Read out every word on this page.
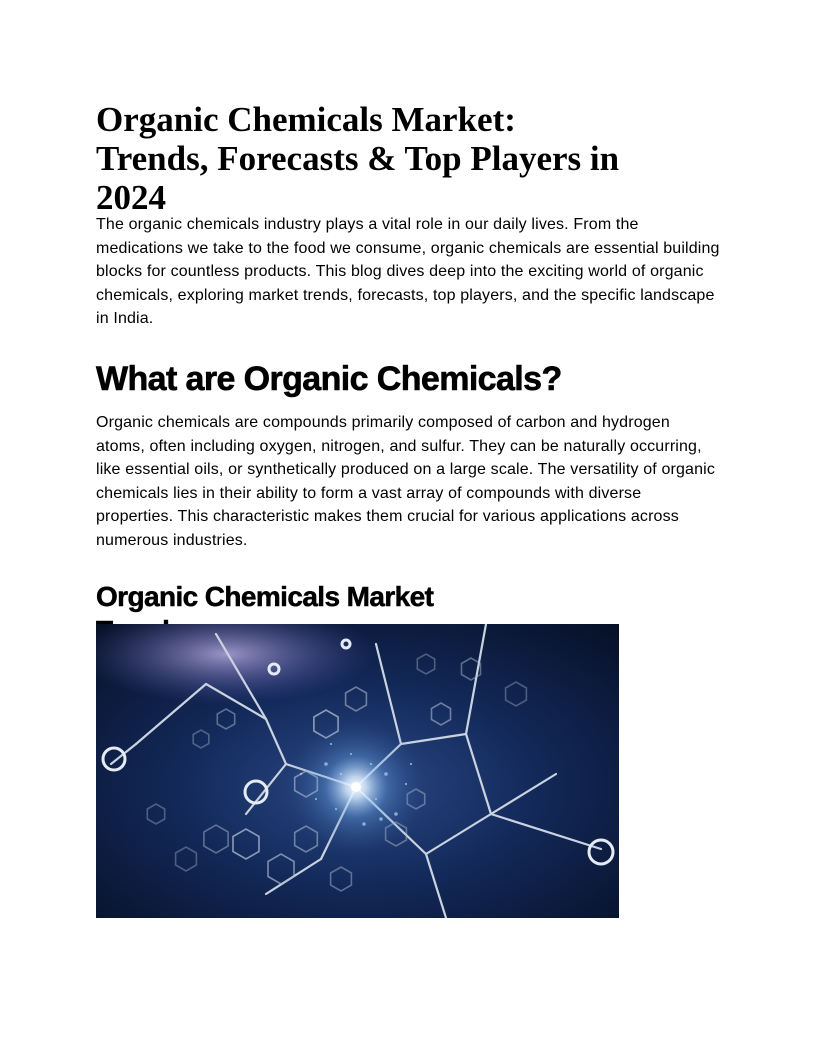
Organic Chemicals Market:
Trends, Forecasts & Top Players in
2024

The organic chemicals industry plays a vital role in our daily lives. From the medications we take to the food we consume, organic chemicals are essential building blocks for countless products. This blog dives deep into the exciting world of organic chemicals, exploring market trends, forecasts, top players, and the specific landscape in India.

What are Organic Chemicals?

Organic chemicals are compounds primarily composed of carbon and hydrogen atoms, often including oxygen, nitrogen, and sulfur. They can be naturally occurring, like essential oils, or synthetically produced on a large scale. The versatility of organic chemicals lies in their ability to form a vast array of compounds with diverse properties. This characteristic makes them crucial for various applications across numerous industries.

Organic Chemicals Market
